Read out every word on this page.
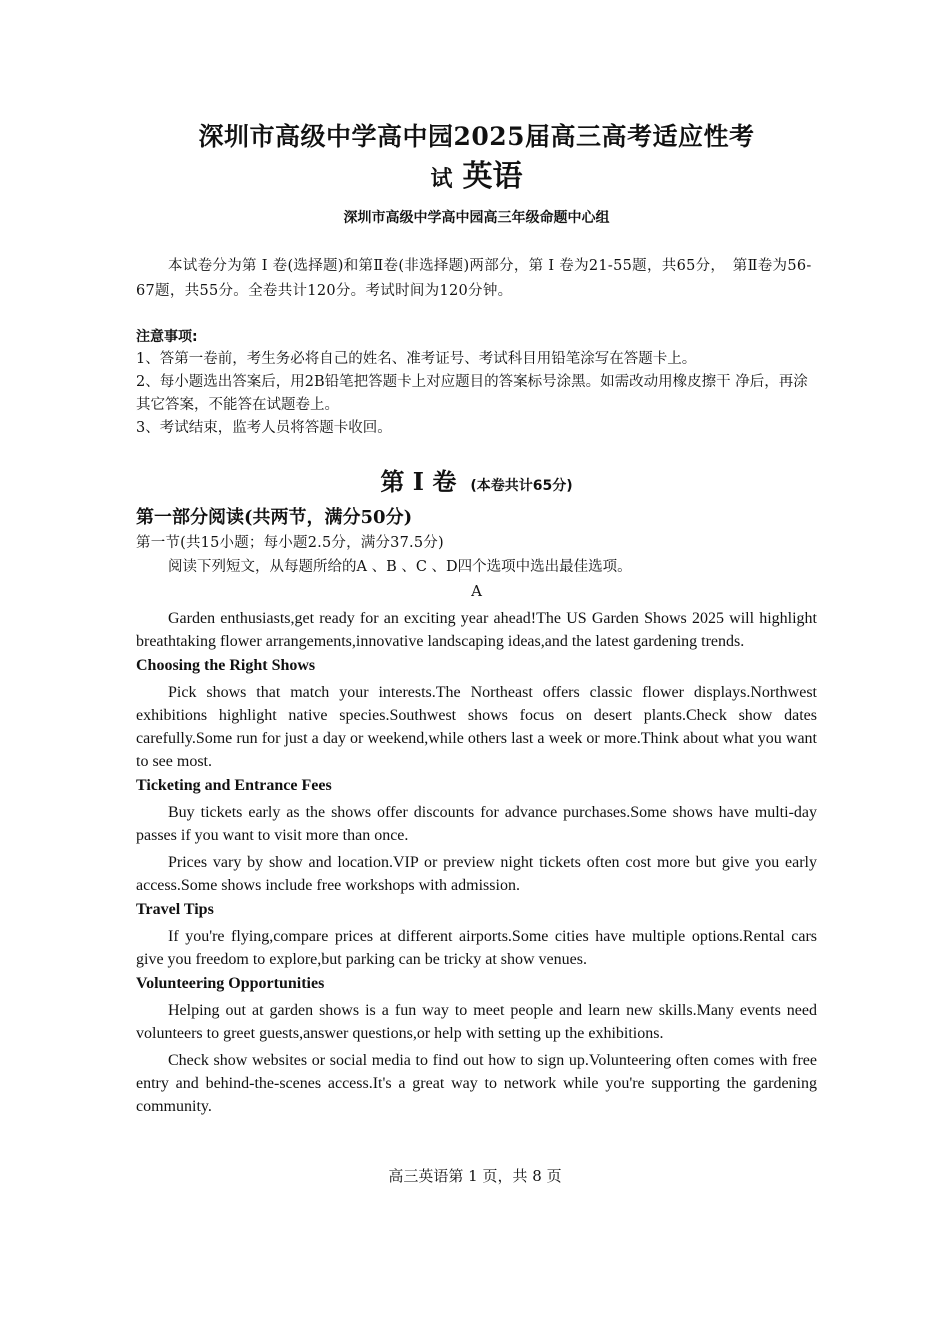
深圳市高级中学高中园2025届高三高考适应性考
试 英语
深圳市高级中学高中园高三年级命题中心组
本试卷分为第 I 卷(选择题)和第Ⅱ卷(非选择题)两部分，第 I 卷为21-55题，共65分，　第Ⅱ卷为56-67题，共55分。全卷共计120分。考试时间为120分钟。
注意事项:
1、答第一卷前，考生务必将自己的姓名、准考证号、考试科目用铅笔涂写在答题卡上。
2、每小题选出答案后，用2B铅笔把答题卡上对应题目的答案标号涂黑。如需改动用橡皮擦干 净后，再涂其它答案，不能答在试题卷上。
3、考试结束，监考人员将答题卡收回。
第 I 卷 (本卷共计65分)
第一部分阅读(共两节，满分50分)
第一节(共15小题；每小题2.5分，满分37.5分)
阅读下列短文，从每题所给的A 、B 、C 、D四个选项中选出最佳选项。
A

Garden enthusiasts,get ready for an exciting year ahead!The US Garden Shows 2025 will highlight breathtaking flower arrangements,innovative landscaping ideas,and the latest gardening trends.

Choosing the Right Shows

Pick shows that match your interests.The Northeast offers classic flower displays.Northwest exhibitions highlight native species.Southwest shows focus on desert plants.Check show dates carefully.Some run for just a day or weekend,while others last a week or more.Think about what you want to see most.

Ticketing and Entrance Fees

Buy tickets early as the shows offer discounts for advance purchases.Some shows have multi-day passes if you want to visit more than once.

Prices vary by show and location.VIP or preview night tickets often cost more but give you early access.Some shows include free workshops with admission.

Travel Tips

If you're flying,compare prices at different airports.Some cities have multiple options.Rental cars give you freedom to explore,but parking can be tricky at show venues.

Volunteering Opportunities

Helping out at garden shows is a fun way to meet people and learn new skills.Many events need volunteers to greet guests,answer questions,or help with setting up the exhibitions.

Check show websites or social media to find out how to sign up.Volunteering often comes with free entry and behind-the-scenes access.It's a great way to network while you're supporting the gardening community.

高三英语第 1 页，共 8 页
